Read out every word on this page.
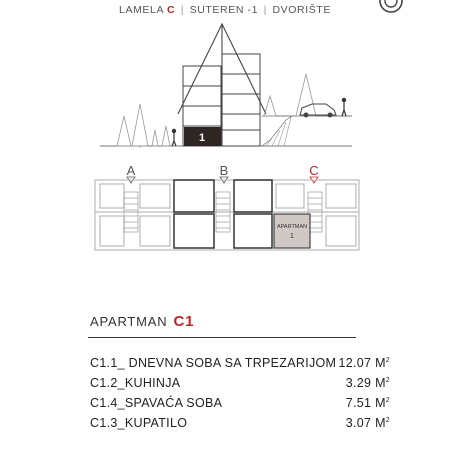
LAMELA C | SUTEREN -1 | DVORIŠTE
1
A	B	C
APARTMAN
1
APARTMAN C1
C1.1_ DNEVNA SOBA SA TRPEZARIJOM 12.07 $M^2$
C1.2_KUHINJA	3.29 $M^2$
C1.4_SPAVAĆA SOBA	7.51 $M^2$
C1.3_KUPATILO	3.07 $M^2$
